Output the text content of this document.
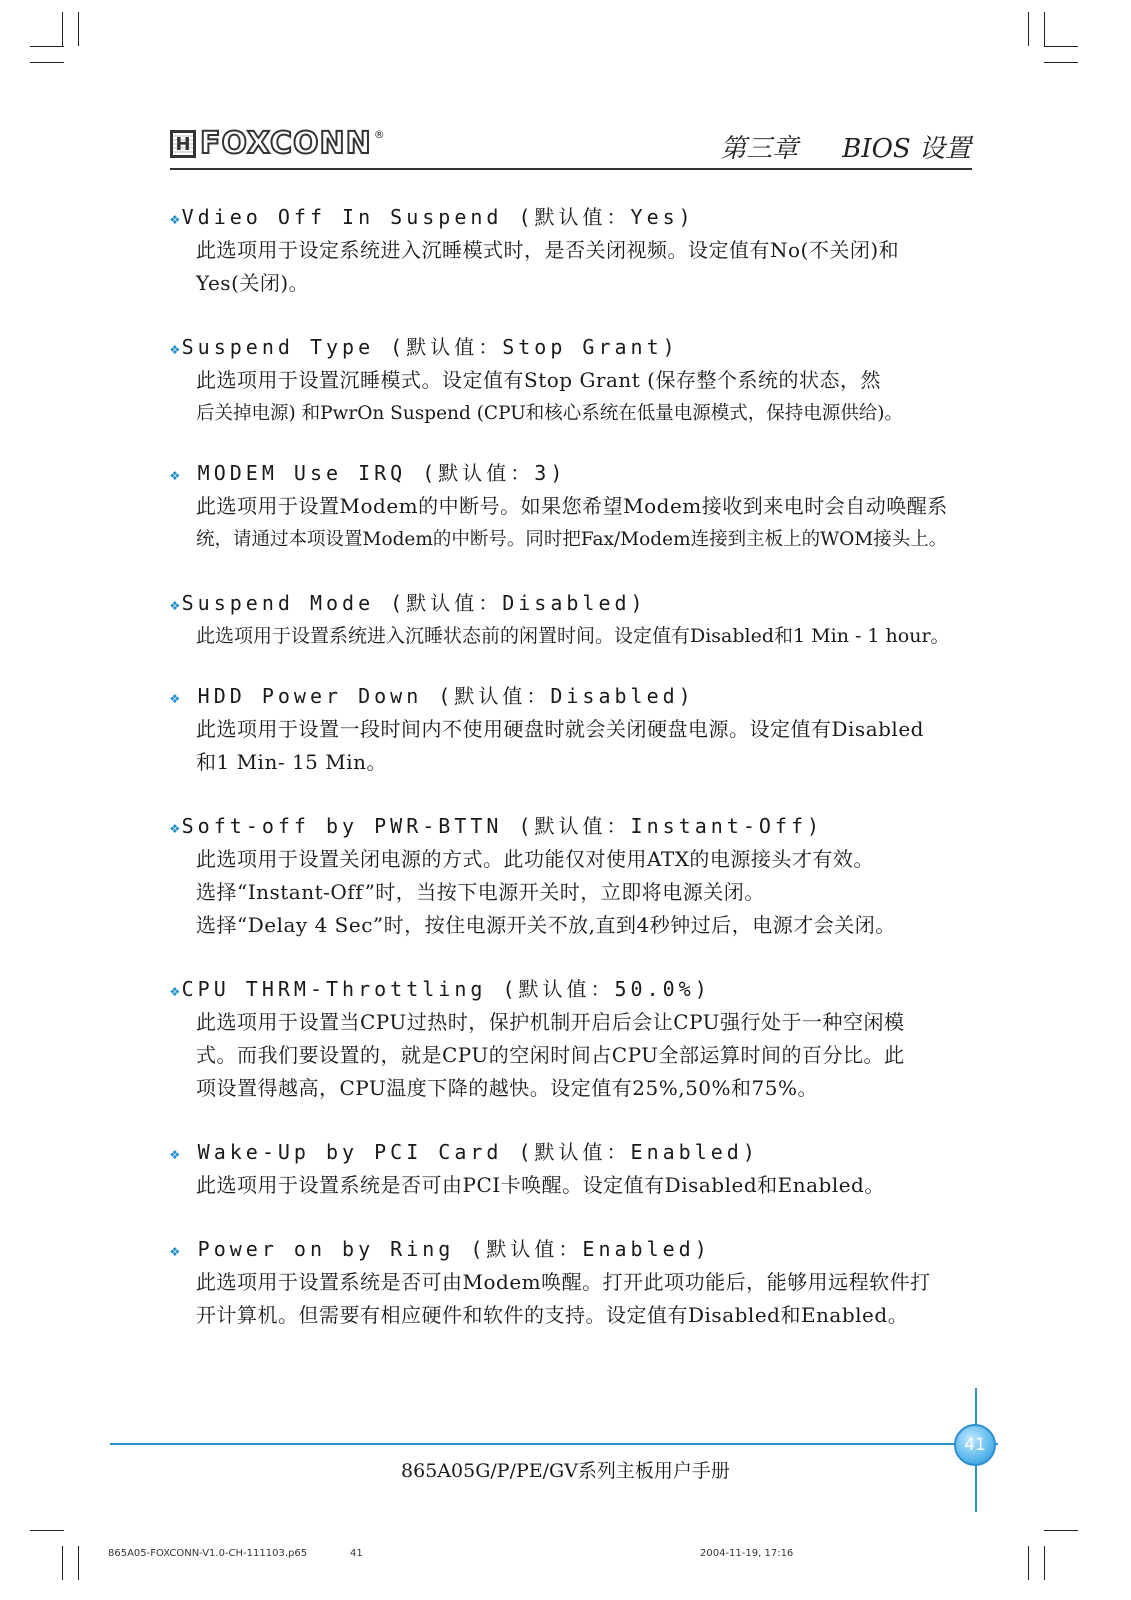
H FOXCONN ®	第三章 BIOS 设置
❖ Vdieo Off In Suspend (默认值：Yes)
此选项用于设定系统进入沉睡模式时，是否关闭视频。设定值有No(不关闭)和
Yes(关闭)。
❖ Suspend Type (默认值：Stop Grant)
此选项用于设置沉睡模式。设定值有Stop Grant (保存整个系统的状态，然
后关掉电源) 和PwrOn Suspend (CPU和核心系统在低量电源模式，保持电源供给)。
❖ MODEM Use IRQ (默认值：3)
此选项用于设置Modem的中断号。如果您希望Modem接收到来电时会自动唤醒系
统，请通过本项设置Modem的中断号。同时把Fax/Modem连接到主板上的WOM接头上。
❖ Suspend Mode (默认值：Disabled)
此选项用于设置系统进入沉睡状态前的闲置时间。设定值有Disabled和1 Min - 1 hour。
❖ HDD Power Down (默认值：Disabled)
此选项用于设置一段时间内不使用硬盘时就会关闭硬盘电源。设定值有Disabled
和1 Min- 15 Min。
❖ Soft-off by PWR-BTTN (默认值：Instant-Off)
此选项用于设置关闭电源的方式。此功能仅对使用ATX的电源接头才有效。
选择“Instant-Off”时，当按下电源开关时，立即将电源关闭。
选择“Delay 4 Sec”时，按住电源开关不放,直到4秒钟过后，电源才会关闭。
❖ CPU THRM-Throttling (默认值：50.0%)
此选项用于设置当CPU过热时，保护机制开启后会让CPU强行处于一种空闲模
式。而我们要设置的，就是CPU的空闲时间占CPU全部运算时间的百分比。此
项设置得越高，CPU温度下降的越快。设定值有25%,50%和75%。
❖ Wake-Up by PCI Card (默认值：Enabled)
此选项用于设置系统是否可由PCI卡唤醒。设定值有Disabled和Enabled。
❖ Power on by Ring (默认值：Enabled)
此选项用于设置系统是否可由Modem唤醒。打开此项功能后，能够用远程软件打
开计算机。但需要有相应硬件和软件的支持。设定值有Disabled和Enabled。
41
865A05G/P/PE/GV系列主板用户手册
865A05-FOXCONN-V1.0-CH-111103.p65	41	2004-11-19, 17:16
